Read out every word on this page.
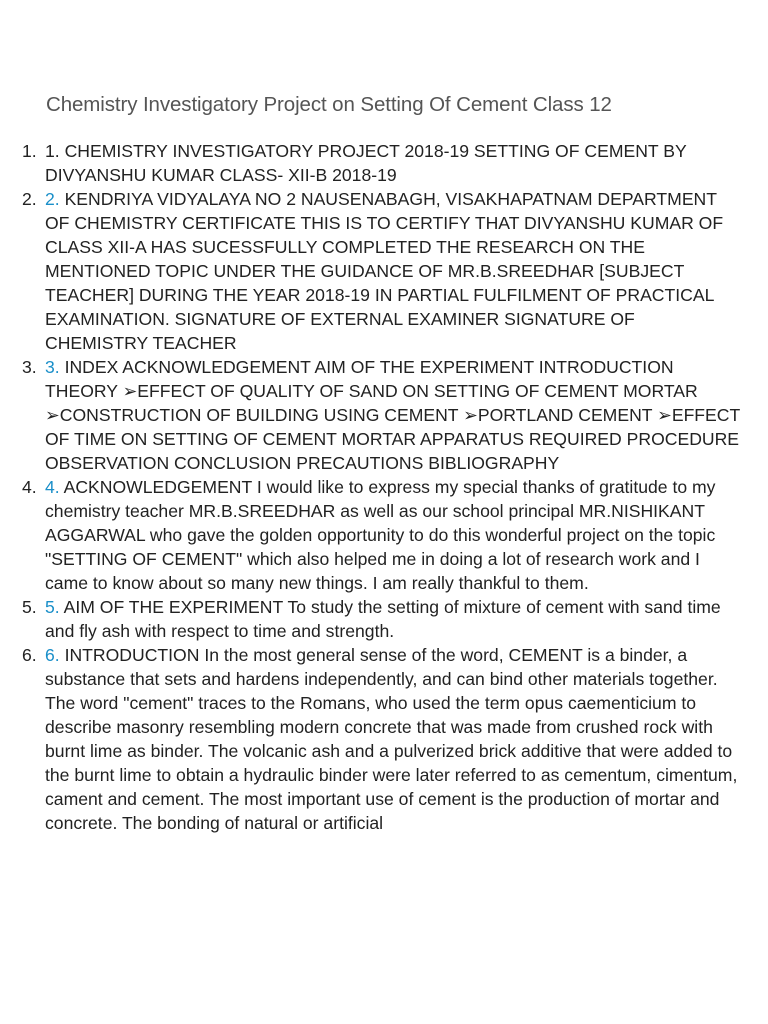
Chemistry Investigatory Project on Setting Of Cement Class 12
1. 1. CHEMISTRY INVESTIGATORY PROJECT 2018-19 SETTING OF CEMENT BY DIVYANSHU KUMAR CLASS- XII-B 2018-19
2. 2. KENDRIYA VIDYALAYA NO 2 NAUSENABAGH, VISAKHAPATNAM DEPARTMENT OF CHEMISTRY CERTIFICATE THIS IS TO CERTIFY THAT DIVYANSHU KUMAR OF CLASS XII-A HAS SUCESSFULLY COMPLETED THE RESEARCH ON THE MENTIONED TOPIC UNDER THE GUIDANCE OF MR.B.SREEDHAR [SUBJECT TEACHER] DURING THE YEAR 2018-19 IN PARTIAL FULFILMENT OF PRACTICAL EXAMINATION. SIGNATURE OF EXTERNAL EXAMINER SIGNATURE OF CHEMISTRY TEACHER
3. 3. INDEX ACKNOWLEDGEMENT AIM OF THE EXPERIMENT INTRODUCTION THEORY ➢EFFECT OF QUALITY OF SAND ON SETTING OF CEMENT MORTAR ➢CONSTRUCTION OF BUILDING USING CEMENT ➢PORTLAND CEMENT ➢EFFECT OF TIME ON SETTING OF CEMENT MORTAR APPARATUS REQUIRED PROCEDURE OBSERVATION CONCLUSION PRECAUTIONS BIBLIOGRAPHY
4. 4. ACKNOWLEDGEMENT I would like to express my special thanks of gratitude to my chemistry teacher MR.B.SREEDHAR as well as our school principal MR.NISHIKANT AGGARWAL who gave the golden opportunity to do this wonderful project on the topic "SETTING OF CEMENT" which also helped me in doing a lot of research work and I came to know about so many new things. I am really thankful to them.
5. 5. AIM OF THE EXPERIMENT To study the setting of mixture of cement with sand time and fly ash with respect to time and strength.
6. 6. INTRODUCTION In the most general sense of the word, CEMENT is a binder, a substance that sets and hardens independently, and can bind other materials together. The word "cement" traces to the Romans, who used the term opus caementicium to describe masonry resembling modern concrete that was made from crushed rock with burnt lime as binder. The volcanic ash and a pulverized brick additive that were added to the burnt lime to obtain a hydraulic binder were later referred to as cementum, cimentum, cament and cement. The most important use of cement is the production of mortar and concrete. The bonding of natural or artificial
